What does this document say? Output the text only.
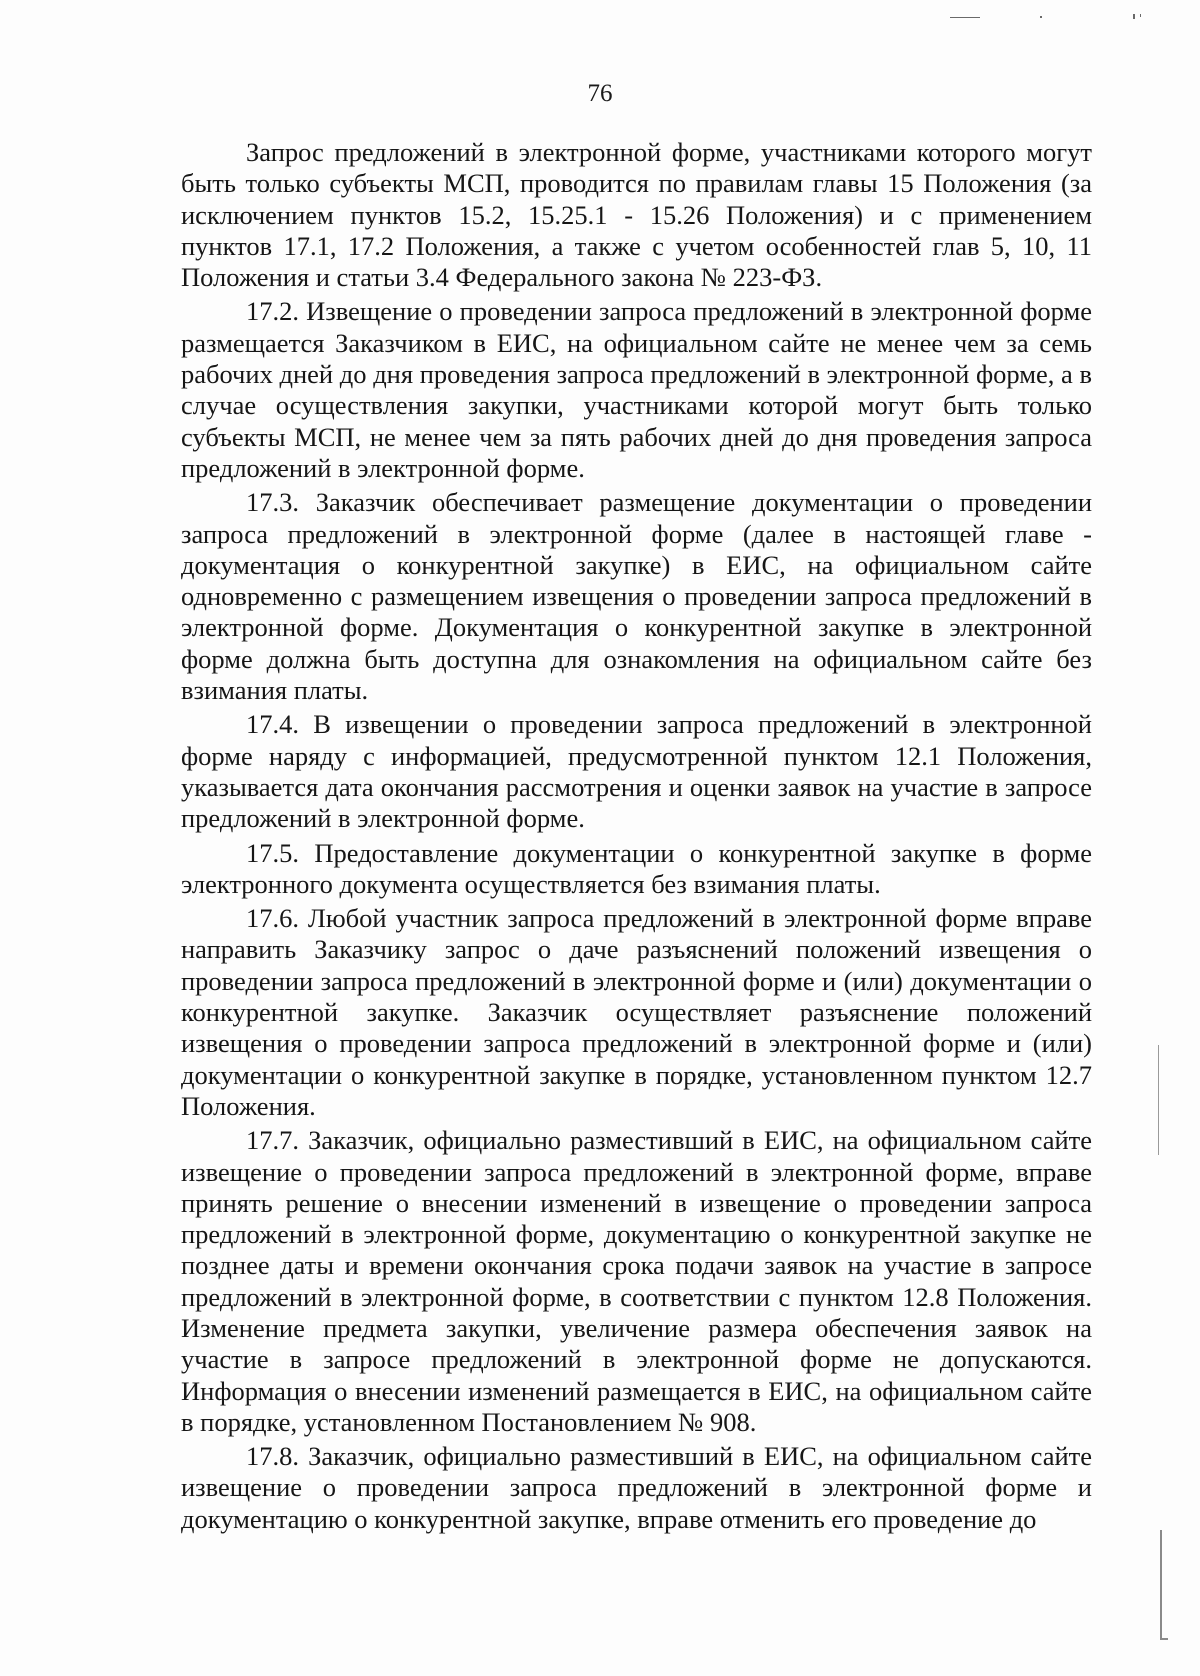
76

Запрос предложений в электронной форме, участниками которого могут быть только субъекты МСП, проводится по правилам главы 15 Положения (за исключением пунктов 15.2, 15.25.1 - 15.26 Положения) и с применением пунктов 17.1, 17.2 Положения, а также с учетом особенностей глав 5, 10, 11 Положения и статьи 3.4 Федерального закона № 223-ФЗ.

17.2. Извещение о проведении запроса предложений в электронной форме размещается Заказчиком в ЕИС, на официальном сайте не менее чем за семь рабочих дней до дня проведения запроса предложений в электронной форме, а в случае осуществления закупки, участниками которой могут быть только субъекты МСП, не менее чем за пять рабочих дней до дня проведения запроса предложений в электронной форме.

17.3. Заказчик обеспечивает размещение документации о проведении запроса предложений в электронной форме (далее в настоящей главе - документация о конкурентной закупке) в ЕИС, на официальном сайте одновременно с размещением извещения о проведении запроса предложений в электронной форме. Документация о конкурентной закупке в электронной форме должна быть доступна для ознакомления на официальном сайте без взимания платы.

17.4. В извещении о проведении запроса предложений в электронной форме наряду с информацией, предусмотренной пунктом 12.1 Положения, указывается дата окончания рассмотрения и оценки заявок на участие в запросе предложений в электронной форме.

17.5. Предоставление документации о конкурентной закупке в форме электронного документа осуществляется без взимания платы.

17.6. Любой участник запроса предложений в электронной форме вправе направить Заказчику запрос о даче разъяснений положений извещения о проведении запроса предложений в электронной форме и (или) документации о конкурентной закупке. Заказчик осуществляет разъяснение положений извещения о проведении запроса предложений в электронной форме и (или) документации о конкурентной закупке в порядке, установленном пунктом 12.7 Положения.

17.7. Заказчик, официально разместивший в ЕИС, на официальном сайте извещение о проведении запроса предложений в электронной форме, вправе принять решение о внесении изменений в извещение о проведении запроса предложений в электронной форме, документацию о конкурентной закупке не позднее даты и времени окончания срока подачи заявок на участие в запросе предложений в электронной форме, в соответствии с пунктом 12.8 Положения. Изменение предмета закупки, увеличение размера обеспечения заявок на участие в запросе предложений в электронной форме не допускаются. Информация о внесении изменений размещается в ЕИС, на официальном сайте в порядке, установленном Постановлением № 908.

17.8. Заказчик, официально разместивший в ЕИС, на официальном сайте извещение о проведении запроса предложений в электронной форме и документацию о конкурентной закупке, вправе отменить его проведение до
